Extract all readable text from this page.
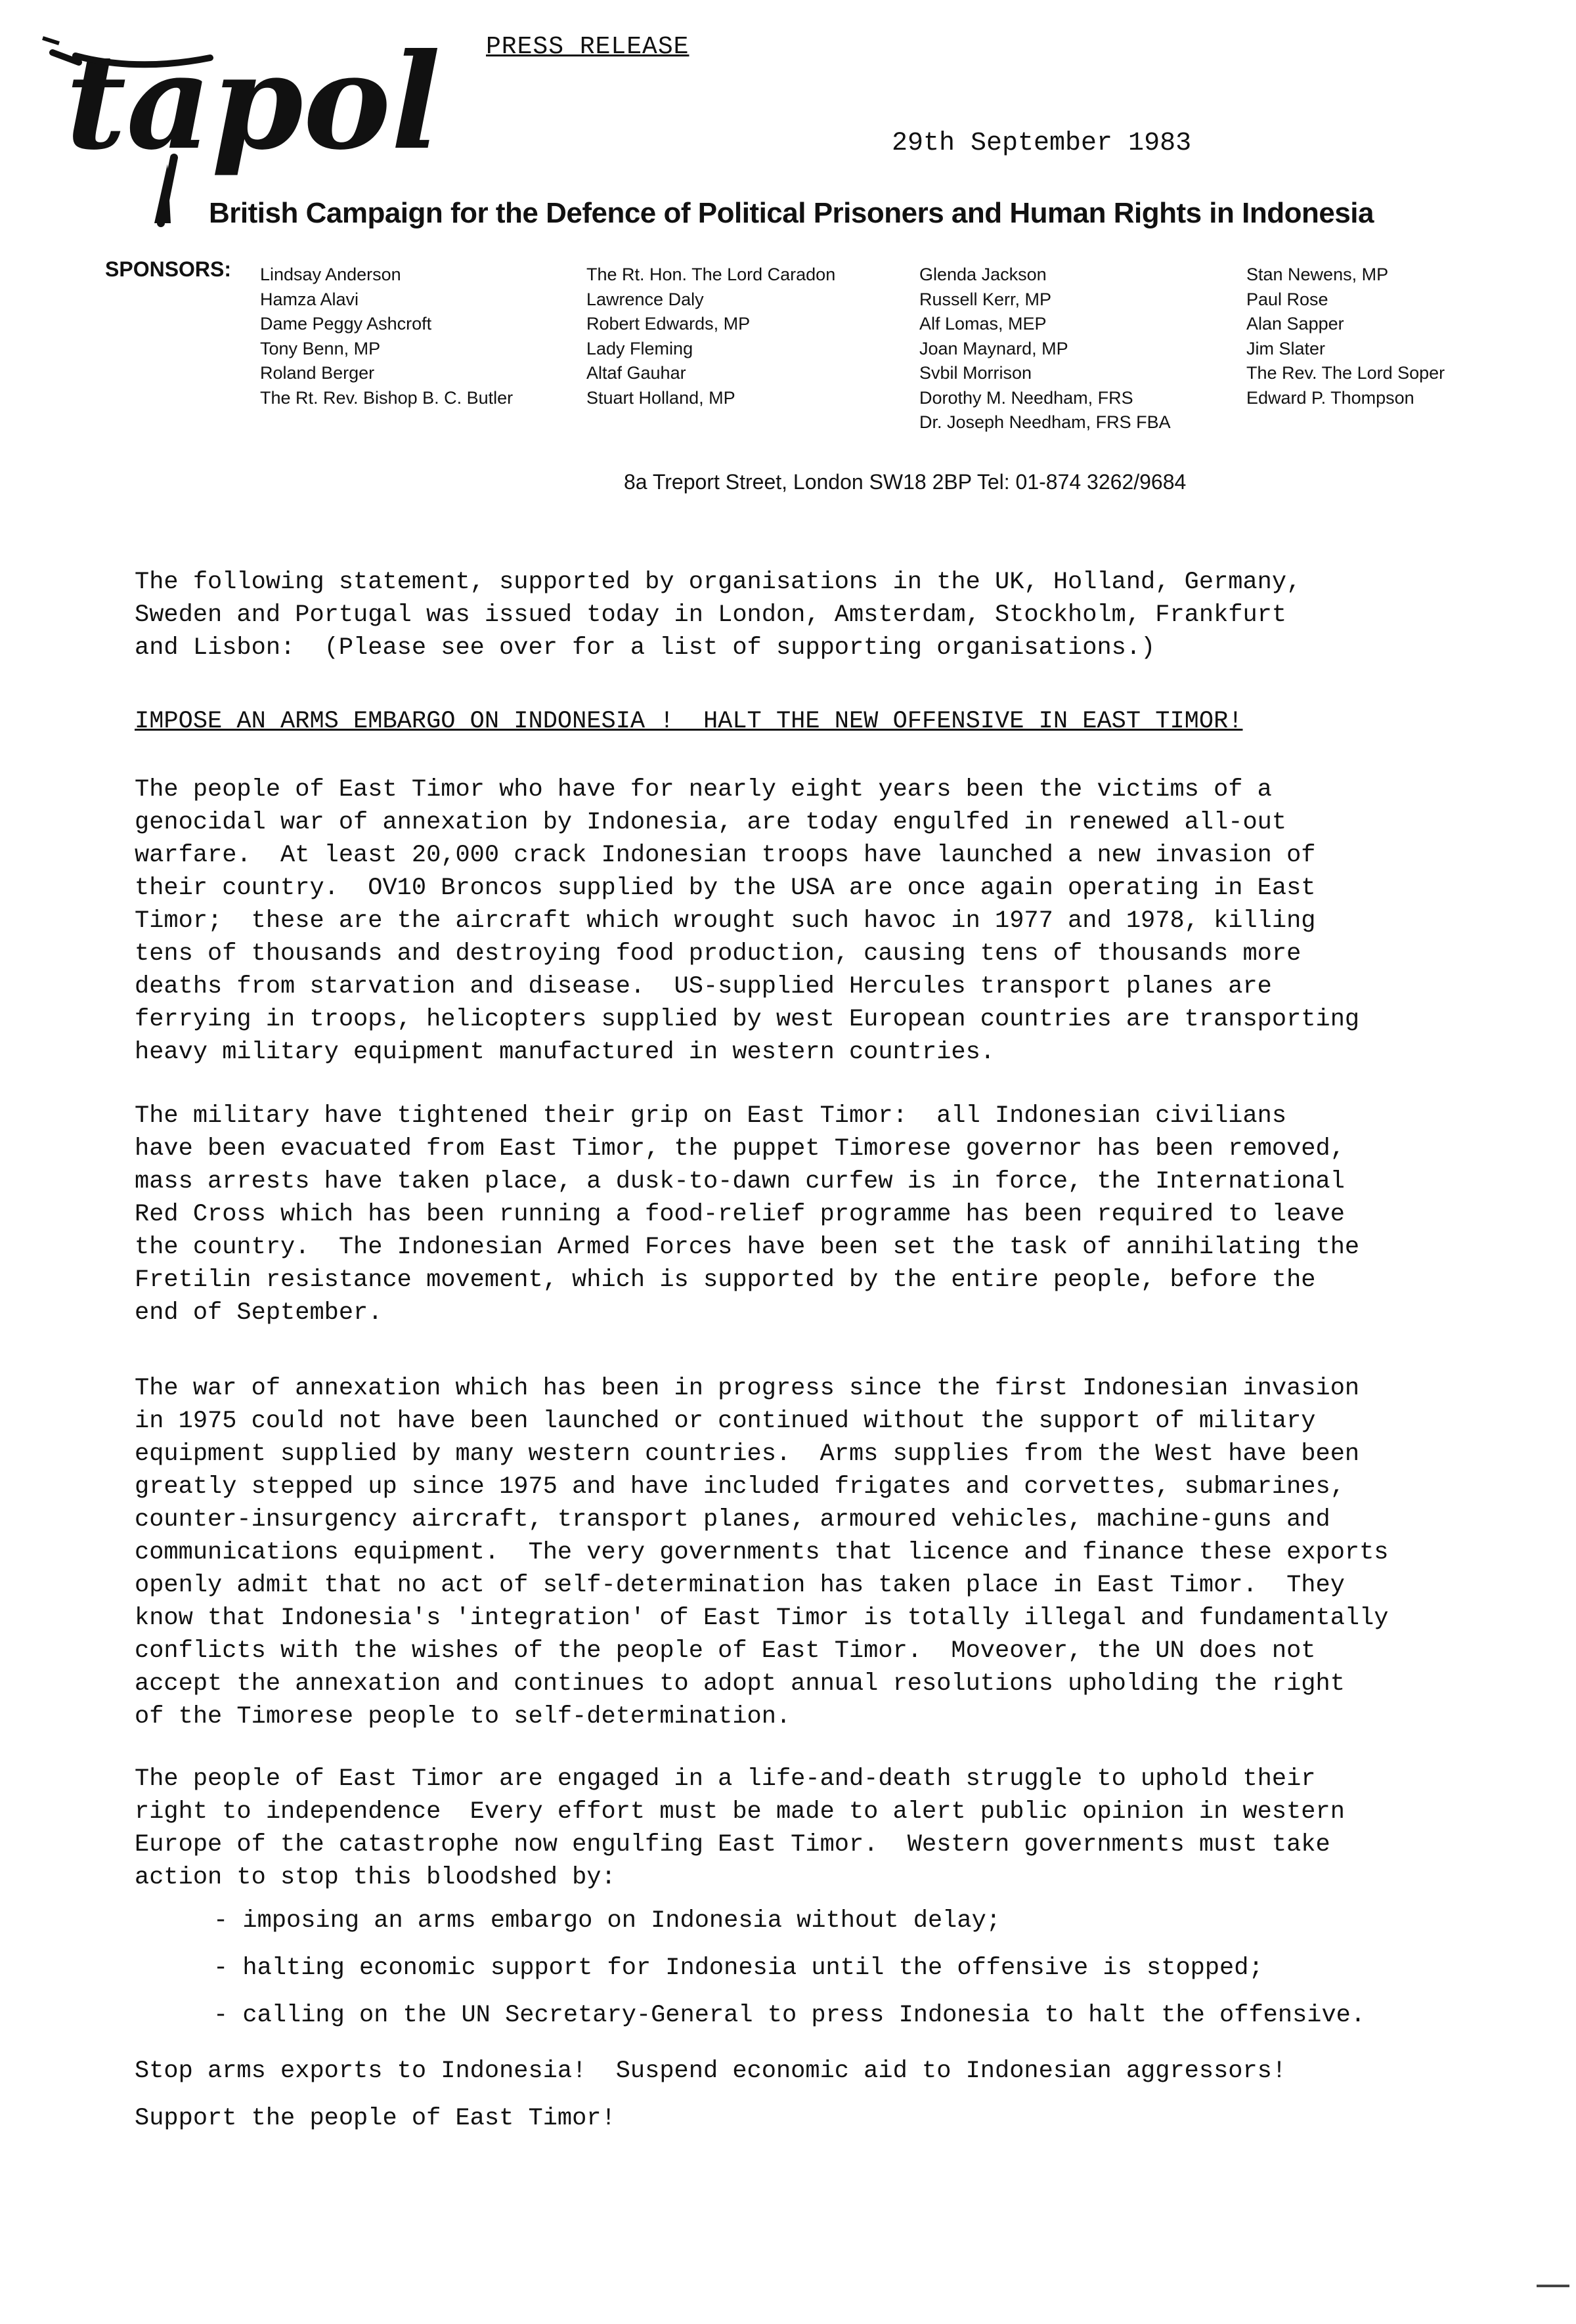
tapol PRESS RELEASE
29th September 1983
British Campaign for the Defence of Political Prisoners and Human Rights in Indonesia
SPONSORS: Lindsay Anderson
Hamza Alavi
Dame Peggy Ashcroft
Tony Benn, MP
Roland Berger
The Rt. Rev. Bishop B. C. Butler
The Rt. Hon. The Lord Caradon
Lawrence Daly
Robert Edwards, MP
Lady Fleming
Altaf Gauhar
Stuart Holland, MP
Glenda Jackson
Russell Kerr, MP
Alf Lomas, MEP
Joan Maynard, MP
Svbil Morrison
Dorothy M. Needham, FRS
Dr. Joseph Needham, FRS FBA
Stan Newens, MP
Paul Rose
Alan Sapper
Jim Slater
The Rev. The Lord Soper
Edward P. Thompson
8a Treport Street, London SW18 2BP Tel: 01-874 3262/9684
The following statement, supported by organisations in the UK, Holland, Germany,
Sweden and Portugal was issued today in London, Amsterdam, Stockholm, Frankfurt
and Lisbon:  (Please see over for a list of supporting organisations.)
IMPOSE AN ARMS EMBARGO ON INDONESIA !  HALT THE NEW OFFENSIVE IN EAST TIMOR!
The people of East Timor who have for nearly eight years been the victims of a
genocidal war of annexation by Indonesia, are today engulfed in renewed all-out
warfare.  At least 20,000 crack Indonesian troops have launched a new invasion of
their country.  OV10 Broncos supplied by the USA are once again operating in East
Timor;  these are the aircraft which wrought such havoc in 1977 and 1978, killing
tens of thousands and destroying food production, causing tens of thousands more
deaths from starvation and disease.  US-supplied Hercules transport planes are
ferrying in troops, helicopters supplied by west European countries are transporting
heavy military equipment manufactured in western countries.
The military have tightened their grip on East Timor:  all Indonesian civilians
have been evacuated from East Timor, the puppet Timorese governor has been removed,
mass arrests have taken place, a dusk-to-dawn curfew is in force, the International
Red Cross which has been running a food-relief programme has been required to leave
the country.  The Indonesian Armed Forces have been set the task of annihilating the
Fretilin resistance movement, which is supported by the entire people, before the
end of September.
The war of annexation which has been in progress since the first Indonesian invasion
in 1975 could not have been launched or continued without the support of military
equipment supplied by many western countries.  Arms supplies from the West have been
greatly stepped up since 1975 and have included frigates and corvettes, submarines,
counter-insurgency aircraft, transport planes, armoured vehicles, machine-guns and
communications equipment.  The very governments that licence and finance these exports
openly admit that no act of self-determination has taken place in East Timor.  They
know that Indonesia's 'integration' of East Timor is totally illegal and fundamentally
conflicts with the wishes of the people of East Timor.  Moveover, the UN does not
accept the annexation and continues to adopt annual resolutions upholding the right
of the Timorese people to self-determination.
The people of East Timor are engaged in a life-and-death struggle to uphold their
right to independence  Every effort must be made to alert public opinion in western
Europe of the catastrophe now engulfing East Timor.  Western governments must take
action to stop this bloodshed by:
- imposing an arms embargo on Indonesia without delay;
- halting economic support for Indonesia until the offensive is stopped;
- calling on the UN Secretary-General to press Indonesia to halt the offensive.
Stop arms exports to Indonesia!  Suspend economic aid to Indonesian aggressors!
Support the people of East Timor!
